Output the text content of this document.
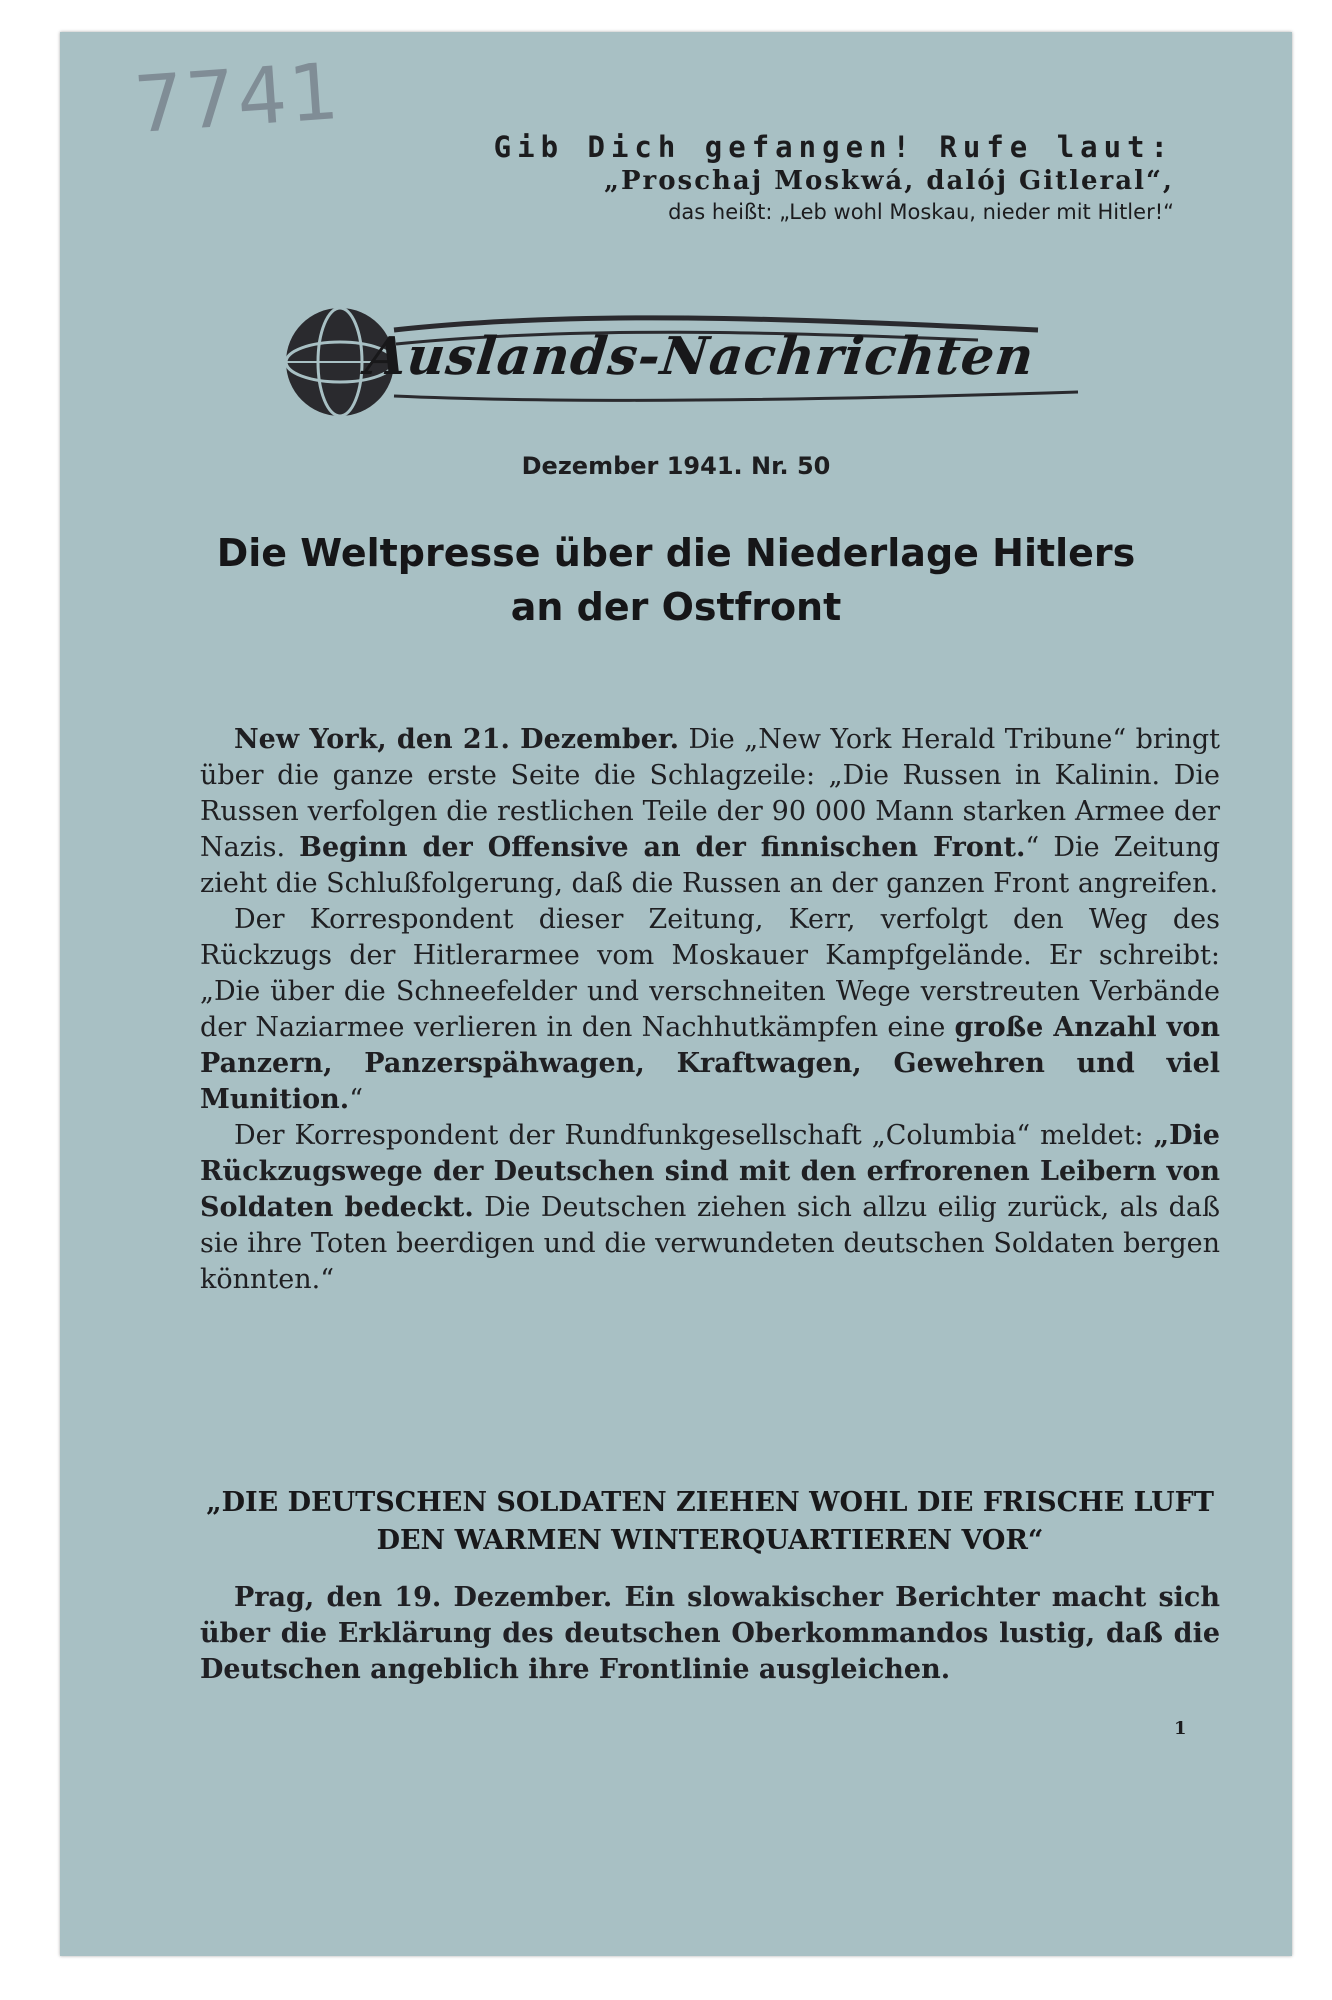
7741	Gib Dich gefangen! Rufe laut:
„Proschaj Moskwá, dalój Gitleral“,
das heißt: „Leb wohl Moskau, nieder mit Hitler!“
Auslands-Nachrichten
Dezember 1941. Nr. 50
Die Weltpresse über die Niederlage Hitlers an der Ostfront

New York, den 21. Dezember. Die „New York Herald Tribune“ bringt über die ganze erste Seite die Schlagzeile: „Die Russen in Kalinin. Die Russen verfolgen die restlichen Teile der 90 000 Mann starken Armee der Nazis. Beginn der Offensive an der finnischen Front.“ Die Zeitung zieht die Schlußfolgerung, daß die Russen an der ganzen Front angreifen.

Der Korrespondent dieser Zeitung, Kerr, verfolgt den Weg des Rückzugs der Hitlerarmee vom Moskauer Kampfgelände. Er schreibt: „Die über die Schneefelder und verschneiten Wege verstreuten Verbände der Naziarmee verlieren in den Nachhutkämpfen eine große Anzahl von Panzern, Panzerspähwagen, Kraftwagen, Gewehren und viel Munition.“

Der Korrespondent der Rundfunkgesellschaft „Columbia“ meldet: „Die Rückzugswege der Deutschen sind mit den erfrorenen Leibern von Soldaten bedeckt. Die Deutschen ziehen sich allzu eilig zurück, als daß sie ihre Toten beerdigen und die verwundeten deutschen Soldaten bergen könnten.“

„DIE DEUTSCHEN SOLDATEN ZIEHEN WOHL DIE FRISCHE LUFT DEN WARMEN WINTERQUARTIEREN VOR“

Prag, den 19. Dezember. Ein slowakischer Berichter macht sich über die Erklärung des deutschen Oberkommandos lustig, daß die Deutschen angeblich ihre Frontlinie ausgleichen.

1
